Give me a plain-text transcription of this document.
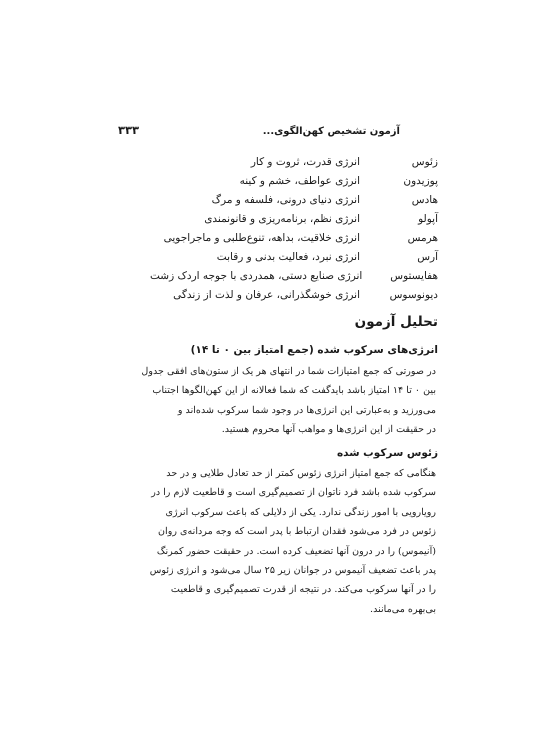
آزمون تشخیص کهن‌الگوی...
۳۳۳
زئوس
انرژی قدرت، ثروت و کار
پوزیدون
انرژی عواطف، خشم و کینه
هادس
انرژی دنیای درونی، فلسفه و مرگ
آپولو
انرژی نظم، برنامه‌ریزی و قانونمندی
هرمس
انرژی خلاقیت، بداهه، تنوع‌طلبی و ماجراجویی
آرس
انرژی نبرد، فعالیت بدنی و رقابت
هفایستوس
انرژی صنایع دستی، همدردی با جوجه اردک زشت
دیونوسوس
انرژی خوشگذرانی، عرفان و لذت از زندگی
تحلیل آزمون
انرژی‌های سرکوب شده (جمع امتیاز بین ۰ تا ۱۴)
در صورتی که جمع امتیازات شما در انتهای هر یک از ستون‌های افقی جدول
بین ۰ تا ۱۴ امتیاز باشد بایدگفت که شما فعالانه از این کهن‌الگوها اجتناب
می‌ورزید و به‌عبارتی این انرژی‌ها در وجود شما سرکوب شده‌اند و
در حقیقت از این انرژی‌ها و مواهب آنها محروم هستید.
زئوس سرکوب شده
هنگامی که جمع امتیاز انرژی زئوس کمتر از حد تعادل طلایی و در حد
سرکوب شده باشد فرد ناتوان از تصمیم‌گیری است و قاطعیت لازم را در
رویارویی با امور زندگی ندارد. یکی از دلایلی که باعث سرکوب انرژی
زئوس در فرد می‌شود فقدان ارتباط با پدر است که وجه مردانه‌ی روان
(آنیموس) را در درون آنها تضعیف کرده است. در حقیقت حضور کمرنگ
پدر باعث تضعیف آنیموس در جوانان زیر ۲۵ سال می‌شود و انرژی زئوس
را در آنها سرکوب می‌کند. در نتیجه از قدرت تصمیم‌گیری و قاطعیت
بی‌بهره می‌مانند.
